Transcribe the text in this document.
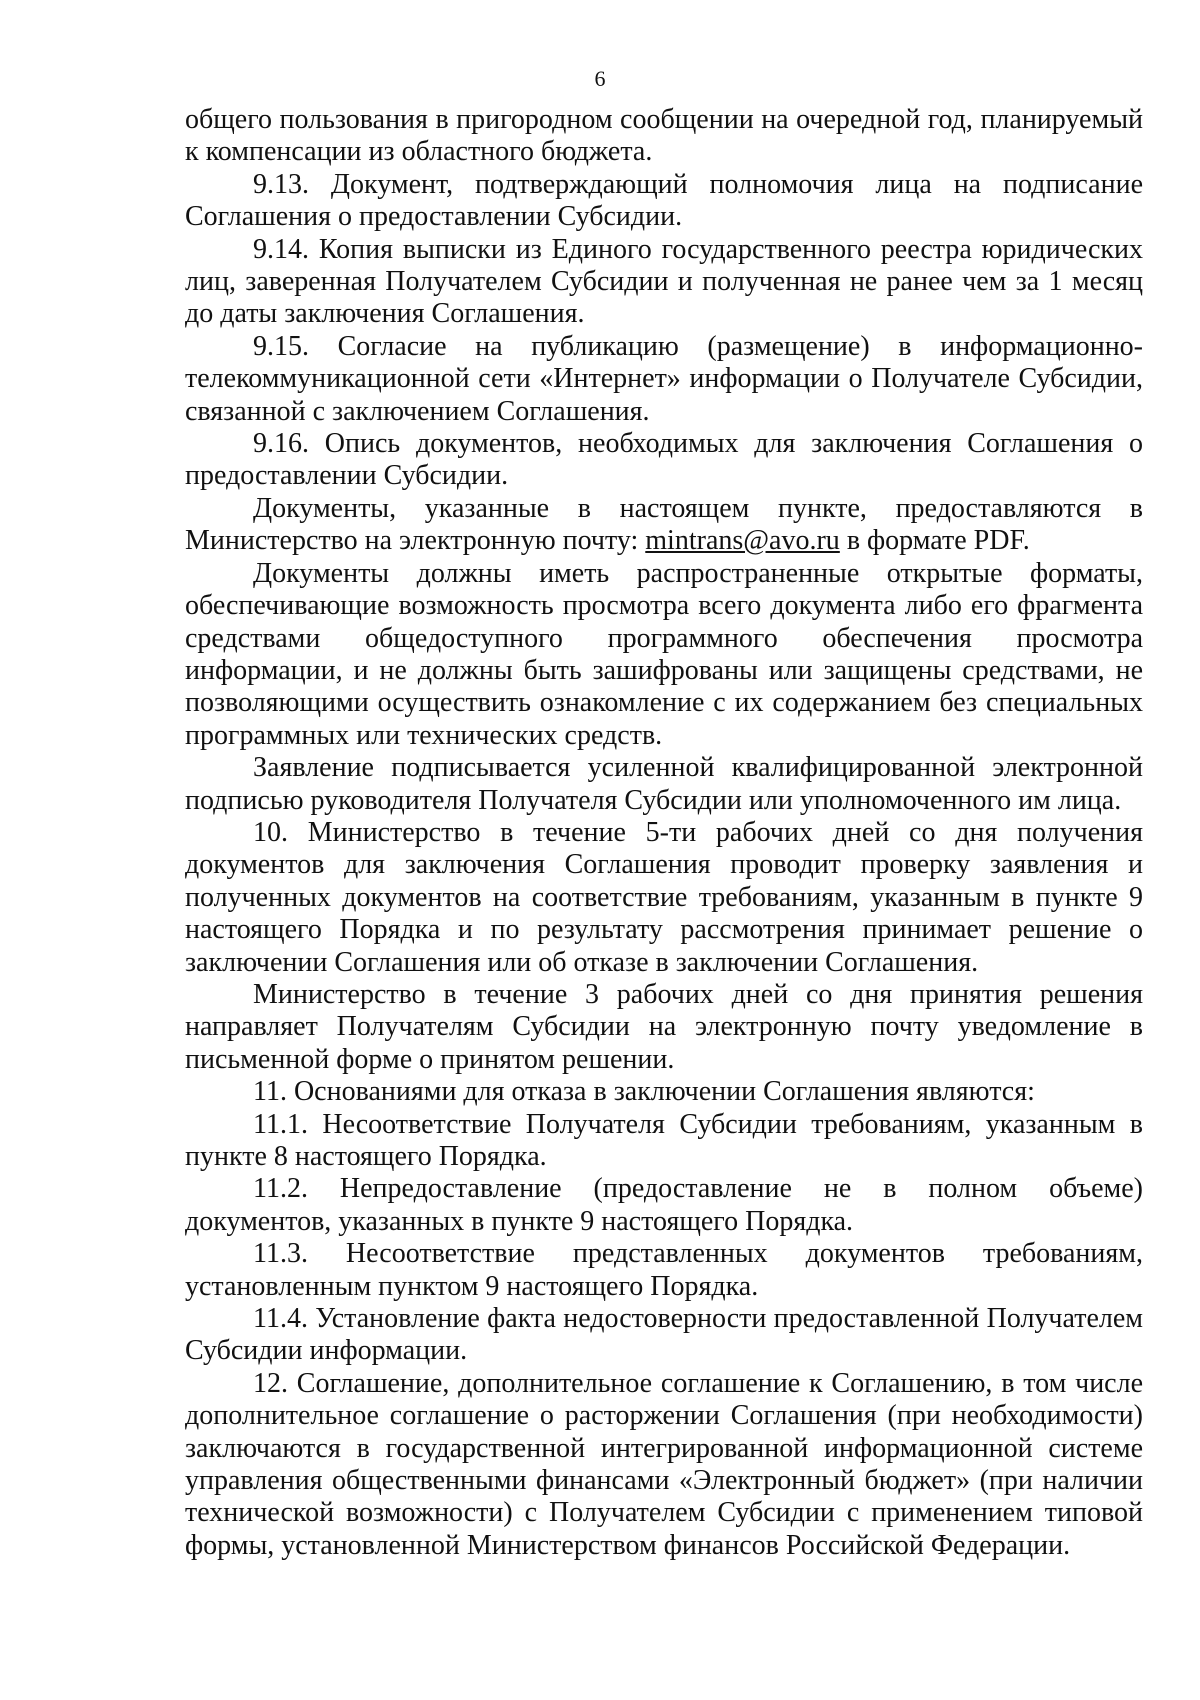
6

общего пользования в пригородном сообщении на очередной год, планируемый к компенсации из областного бюджета.

9.13. Документ, подтверждающий полномочия лица на подписание Соглашения о предоставлении Субсидии.

9.14. Копия выписки из Единого государственного реестра юридических лиц, заверенная Получателем Субсидии и полученная не ранее чем за 1 месяц до даты заключения Соглашения.

9.15. Согласие на публикацию (размещение) в информационно-телекоммуникационной сети «Интернет» информации о Получателе Субсидии, связанной с заключением Соглашения.

9.16. Опись документов, необходимых для заключения Соглашения о предоставлении Субсидии.

Документы, указанные в настоящем пункте, предоставляются в Министерство на электронную почту: mintrans@avo.ru в формате PDF.

Документы должны иметь распространенные открытые форматы, обеспечивающие возможность просмотра всего документа либо его фрагмента средствами общедоступного программного обеспечения просмотра информации, и не должны быть зашифрованы или защищены средствами, не позволяющими осуществить ознакомление с их содержанием без специальных программных или технических средств.

Заявление подписывается усиленной квалифицированной электронной подписью руководителя Получателя Субсидии или уполномоченного им лица.

10. Министерство в течение 5-ти рабочих дней со дня получения документов для заключения Соглашения проводит проверку заявления и полученных документов на соответствие требованиям, указанным в пункте 9 настоящего Порядка и по результату рассмотрения принимает решение о заключении Соглашения или об отказе в заключении Соглашения.

Министерство в течение 3 рабочих дней со дня принятия решения направляет Получателям Субсидии на электронную почту уведомление в письменной форме о принятом решении.

11. Основаниями для отказа в заключении Соглашения являются:

11.1. Несоответствие Получателя Субсидии требованиям, указанным в пункте 8 настоящего Порядка.

11.2. Непредоставление (предоставление не в полном объеме) документов, указанных в пункте 9 настоящего Порядка.

11.3. Несоответствие представленных документов требованиям, установленным пунктом 9 настоящего Порядка.

11.4. Установление факта недостоверности предоставленной Получателем Субсидии информации.

12. Соглашение, дополнительное соглашение к Соглашению, в том числе дополнительное соглашение о расторжении Соглашения (при необходимости) заключаются в государственной интегрированной информационной системе управления общественными финансами «Электронный бюджет» (при наличии технической возможности) с Получателем Субсидии с применением типовой формы, установленной Министерством финансов Российской Федерации.
